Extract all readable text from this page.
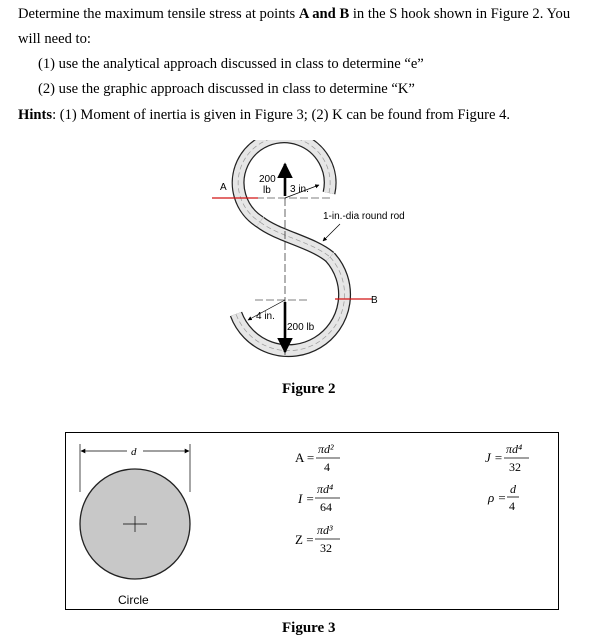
Determine the maximum tensile stress at points A and B in the S hook shown in Figure 2. You
will need to:
(1) use the analytical approach discussed in class to determine “e”
(2) use the graphic approach discussed in class to determine “K”
Hints: (1) Moment of inertia is given in Figure 3; (2) K can be found from Figure 4.
A
B
200
lb 3 in.
1-in.-dia round rod
4 in.
200 lb
Figure 2
d
Circle
A =
πd²
4
I =
πd⁴
64
Z =
πd³
32
J =
πd⁴
32
ρ =
d
4
Figure 3
